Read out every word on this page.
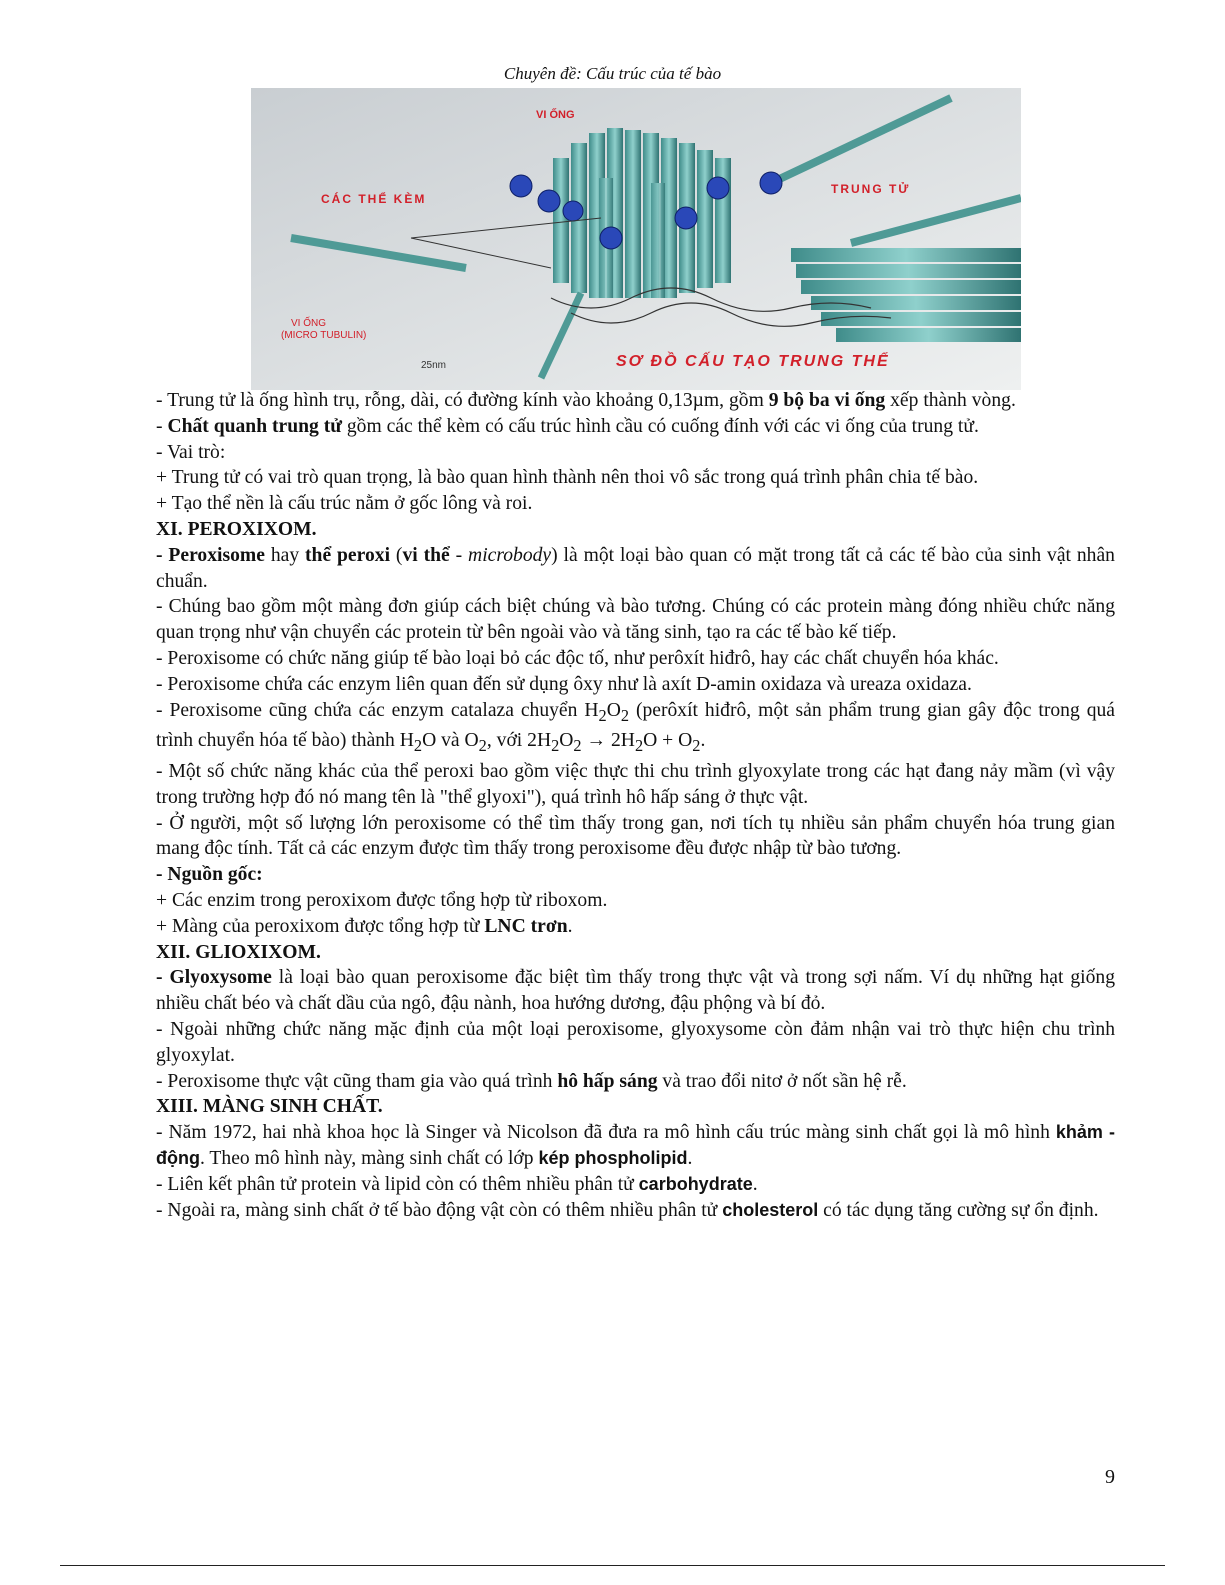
Chuyên đề: Cấu trúc của tế bào
VI ỐNG
CÁC THỂ KÈM
TRUNG TỬ
VI ỐNG
(MICRO TUBULIN)
25nm	SƠ ĐỒ CẤU TẠO TRUNG THỂ

- Trung tử là ống hình trụ, rỗng, dài, có đường kính vào khoảng 0,13µm, gồm 9 bộ ba vi ống xếp thành vòng.

- Chất quanh trung tử gồm các thể kèm có cấu trúc hình cầu có cuống đính với các vi ống của trung tử.

- Vai trò:

+ Trung tử có vai trò quan trọng, là bào quan hình thành nên thoi vô sắc trong quá trình phân chia tế bào.

+ Tạo thể nền là cấu trúc nằm ở gốc lông và roi.

XI. PEROXIXOM.

- Peroxisome hay thể peroxi (vi thể - microbody) là một loại bào quan có mặt trong tất cả các tế bào của sinh vật nhân chuẩn.

- Chúng bao gồm một màng đơn giúp cách biệt chúng và bào tương. Chúng có các protein màng đóng nhiều chức năng quan trọng như vận chuyển các protein từ bên ngoài vào và tăng sinh, tạo ra các tế bào kế tiếp.

- Peroxisome có chức năng giúp tế bào loại bỏ các độc tố, như perôxít hiđrô, hay các chất chuyển hóa khác.

- Peroxisome chứa các enzym liên quan đến sử dụng ôxy như là axít D-amin oxidaza và ureaza oxidaza.

- Peroxisome cũng chứa các enzym catalaza chuyển $H_2O_2$ (perôxít hiđrô, một sản phẩm trung gian gây độc trong quá trình chuyển hóa tế bào) thành $H_2O$ và $O_2$, với $2H_2O_2 \to 2H_2O + O_2$.

- Một số chức năng khác của thể peroxi bao gồm việc thực thi chu trình glyoxylate trong các hạt đang nảy mầm (vì vậy trong trường hợp đó nó mang tên là "thể glyoxi"), quá trình hô hấp sáng ở thực vật.

- Ở người, một số lượng lớn peroxisome có thể tìm thấy trong gan, nơi tích tụ nhiều sản phẩm chuyển hóa trung gian mang độc tính. Tất cả các enzym được tìm thấy trong peroxisome đều được nhập từ bào tương.

- Nguồn gốc:

+ Các enzim trong peroxixom được tổng hợp từ riboxom.

+ Màng của peroxixom được tổng hợp từ LNC trơn.

XII. GLIOXIXOM.

- Glyoxysome là loại bào quan peroxisome đặc biệt tìm thấy trong thực vật và trong sợi nấm. Ví dụ những hạt giống nhiều chất béo và chất dầu của ngô, đậu nành, hoa hướng dương, đậu phộng và bí đỏ.

- Ngoài những chức năng mặc định của một loại peroxisome, glyoxysome còn đảm nhận vai trò thực hiện chu trình glyoxylat.

- Peroxisome thực vật cũng tham gia vào quá trình hô hấp sáng và trao đổi nitơ ở nốt sần hệ rễ.

XIII. MÀNG SINH CHẤT.

- Năm 1972, hai nhà khoa học là Singer và Nicolson đã đưa ra mô hình cấu trúc màng sinh chất gọi là mô hình khảm - động. Theo mô hình này, màng sinh chất có lớp kép phospholipid.

- Liên kết phân tử protein và lipid còn có thêm nhiều phân tử carbohydrate.

- Ngoài ra, màng sinh chất ở tế bào động vật còn có thêm nhiều phân tử cholesterol có tác dụng tăng cường sự ổn định.

9
